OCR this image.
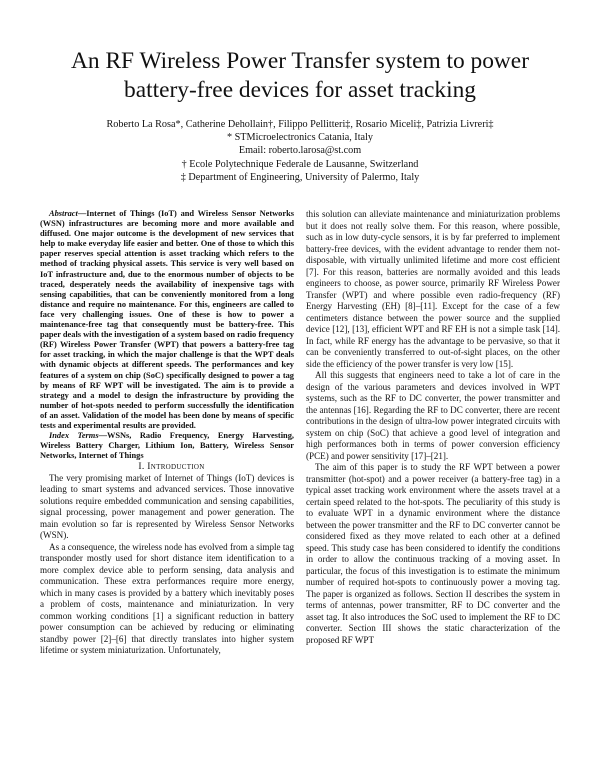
An RF Wireless Power Transfer system to power battery-free devices for asset tracking
Roberto La Rosa*, Catherine Dehollain†, Filippo Pellitteri‡, Rosario Miceli‡, Patrizia Livreri‡
* STMicroelectronics Catania, Italy
Email: roberto.larosa@st.com
† Ecole Polytechnique Federale de Lausanne, Switzerland
‡ Department of Engineering, University of Palermo, Italy

Abstract—Internet of Things (IoT) and Wireless Sensor Networks (WSN) infrastructures are becoming more and more available and diffused. One major outcome is the development of new services that help to make everyday life easier and better. One of those to which this paper reserves special attention is asset tracking which refers to the method of tracking physical assets. This service is very well based on IoT infrastructure and, due to the enormous number of objects to be traced, desperately needs the availability of inexpensive tags with sensing capabilities, that can be conveniently monitored from a long distance and require no maintenance. For this, engineers are called to face very challenging issues. One of these is how to power a maintenance-free tag that consequently must be battery-free. This paper deals with the investigation of a system based on radio frequency (RF) Wireless Power Transfer (WPT) that powers a battery-free tag for asset tracking, in which the major challenge is that the WPT deals with dynamic objects at different speeds. The performances and key features of a system on chip (SoC) specifically designed to power a tag by means of RF WPT will be investigated. The aim is to provide a strategy and a model to design the infrastructure by providing the number of hot-spots needed to perform successfully the identification of an asset. Validation of the model has been done by means of specific tests and experimental results are provided.

Index Terms—WSNs, Radio Frequency, Energy Harvesting, Wireless Battery Charger, Lithium Ion, Battery, Wireless Sensor Networks, Internet of Things

I. Introduction

The very promising market of Internet of Things (IoT) devices is leading to smart systems and advanced services. Those innovative solutions require embedded communication and sensing capabilities, signal processing, power management and power generation. The main evolution so far is represented by Wireless Sensor Networks (WSN).

As a consequence, the wireless node has evolved from a simple tag transponder mostly used for short distance item identification to a more complex device able to perform sensing, data analysis and communication. These extra performances require more energy, which in many cases is provided by a battery which inevitably poses a problem of costs, maintenance and miniaturization. In very common working conditions [1] a significant reduction in battery power consumption can be achieved by reducing or eliminating standby power [2]–[6] that directly translates into higher system lifetime or system miniaturization. Unfortunately,

this solution can alleviate maintenance and miniaturization problems but it does not really solve them. For this reason, where possible, such as in low duty-cycle sensors, it is by far preferred to implement battery-free devices, with the evident advantage to render them not-disposable, with virtually unlimited lifetime and more cost efficient [7]. For this reason, batteries are normally avoided and this leads engineers to choose, as power source, primarily RF Wireless Power Transfer (WPT) and where possible even radio-frequency (RF) Energy Harvesting (EH) [8]–[11]. Except for the case of a few centimeters distance between the power source and the supplied device [12], [13], efficient WPT and RF EH is not a simple task [14]. In fact, while RF energy has the advantage to be pervasive, so that it can be conveniently transferred to out-of-sight places, on the other side the efficiency of the power transfer is very low [15].

All this suggests that engineers need to take a lot of care in the design of the various parameters and devices involved in WPT systems, such as the RF to DC converter, the power transmitter and the antennas [16]. Regarding the RF to DC converter, there are recent contributions in the design of ultra-low power integrated circuits with system on chip (SoC) that achieve a good level of integration and high performances both in terms of power conversion efficiency (PCE) and power sensitivity [17]–[21].

The aim of this paper is to study the RF WPT between a power transmitter (hot-spot) and a power receiver (a battery-free tag) in a typical asset tracking work environment where the assets travel at a certain speed related to the hot-spots. The peculiarity of this study is to evaluate WPT in a dynamic environment where the distance between the power transmitter and the RF to DC converter cannot be considered fixed as they move related to each other at a defined speed. This study case has been considered to identify the conditions in order to allow the continuous tracking of a moving asset. In particular, the focus of this investigation is to estimate the minimum number of required hot-spots to continuously power a moving tag. The paper is organized as follows. Section II describes the system in terms of antennas, power transmitter, RF to DC converter and the asset tag. It also introduces the SoC used to implement the RF to DC converter. Section III shows the static characterization of the proposed RF WPT
